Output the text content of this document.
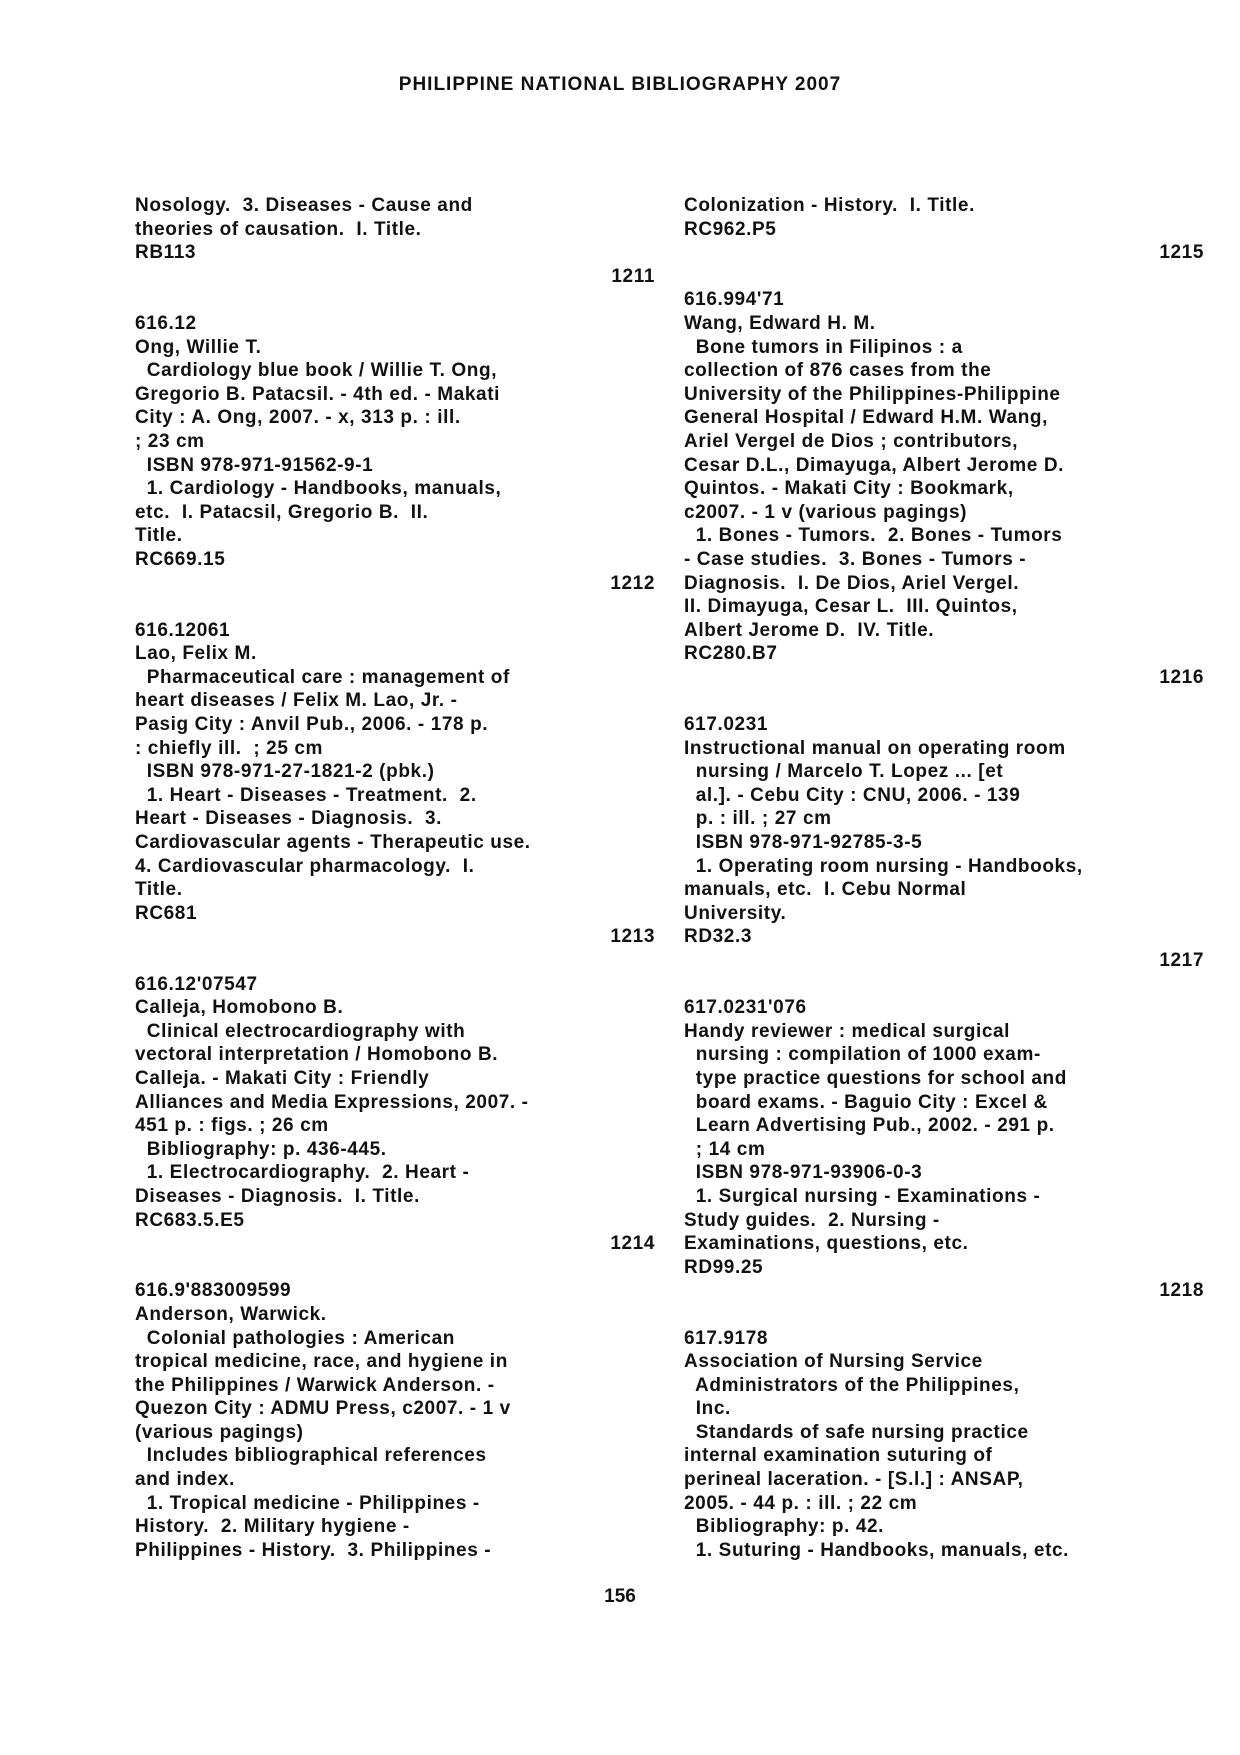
PHILIPPINE NATIONAL BIBLIOGRAPHY 2007
Nosology.  3. Diseases - Cause and
theories of causation.  I. Title.
RB113
1211
616.12
Ong, Willie T.
Cardiology blue book / Willie T. Ong,
Gregorio B. Patacsil. - 4th ed. - Makati
City : A. Ong, 2007. - x, 313 p. : ill.
; 23 cm
ISBN 978-971-91562-9-1
1. Cardiology - Handbooks, manuals,
etc.  I. Patacsil, Gregorio B.  II.
Title.
RC669.15
1212
616.12061
Lao, Felix M.
Pharmaceutical care : management of
heart diseases / Felix M. Lao, Jr. -
Pasig City : Anvil Pub., 2006. - 178 p.
: chiefly ill.  ; 25 cm
ISBN 978-971-27-1821-2 (pbk.)
1. Heart - Diseases - Treatment.  2.
Heart - Diseases - Diagnosis.  3.
Cardiovascular agents - Therapeutic use.
4. Cardiovascular pharmacology.  I.
Title.
RC681
1213
616.12'07547
Calleja, Homobono B.
Clinical electrocardiography with
vectoral interpretation / Homobono B.
Calleja. - Makati City : Friendly
Alliances and Media Expressions, 2007. -
451 p. : figs. ; 26 cm
Bibliography: p. 436-445.
1. Electrocardiography.  2. Heart -
Diseases - Diagnosis.  I. Title.
RC683.5.E5
1214
616.9'883009599
Anderson, Warwick.
Colonial pathologies : American
tropical medicine, race, and hygiene in
the Philippines / Warwick Anderson. -
Quezon City : ADMU Press, c2007. - 1 v
(various pagings)
Includes bibliographical references
and index.
1. Tropical medicine - Philippines -
History.  2. Military hygiene -
Philippines - History.  3. Philippines -
Colonization - History.  I. Title.
RC962.P5
1215
616.994'71
Wang, Edward H. M.
Bone tumors in Filipinos : a
collection of 876 cases from the
University of the Philippines-Philippine
General Hospital / Edward H.M. Wang,
Ariel Vergel de Dios ; contributors,
Cesar D.L., Dimayuga, Albert Jerome D.
Quintos. - Makati City : Bookmark,
c2007. - 1 v (various pagings)
1. Bones - Tumors.  2. Bones - Tumors
- Case studies.  3. Bones - Tumors -
Diagnosis.  I. De Dios, Ariel Vergel.
II. Dimayuga, Cesar L.  III. Quintos,
Albert Jerome D.  IV. Title.
RC280.B7
1216
617.0231
Instructional manual on operating room
nursing / Marcelo T. Lopez ... [et
al.]. - Cebu City : CNU, 2006. - 139
p. : ill. ; 27 cm
ISBN 978-971-92785-3-5
1. Operating room nursing - Handbooks,
manuals, etc.  I. Cebu Normal
University.
RD32.3
1217
617.0231'076
Handy reviewer : medical surgical
nursing : compilation of 1000 exam-
type practice questions for school and
board exams. - Baguio City : Excel &
Learn Advertising Pub., 2002. - 291 p.
; 14 cm
ISBN 978-971-93906-0-3
1. Surgical nursing - Examinations -
Study guides.  2. Nursing -
Examinations, questions, etc.
RD99.25
1218
617.9178
Association of Nursing Service
Administrators of the Philippines,
Inc.
Standards of safe nursing practice
internal examination suturing of
perineal laceration. - [S.l.] : ANSAP,
2005. - 44 p. : ill. ; 22 cm
Bibliography: p. 42.
1. Suturing - Handbooks, manuals, etc.
156
